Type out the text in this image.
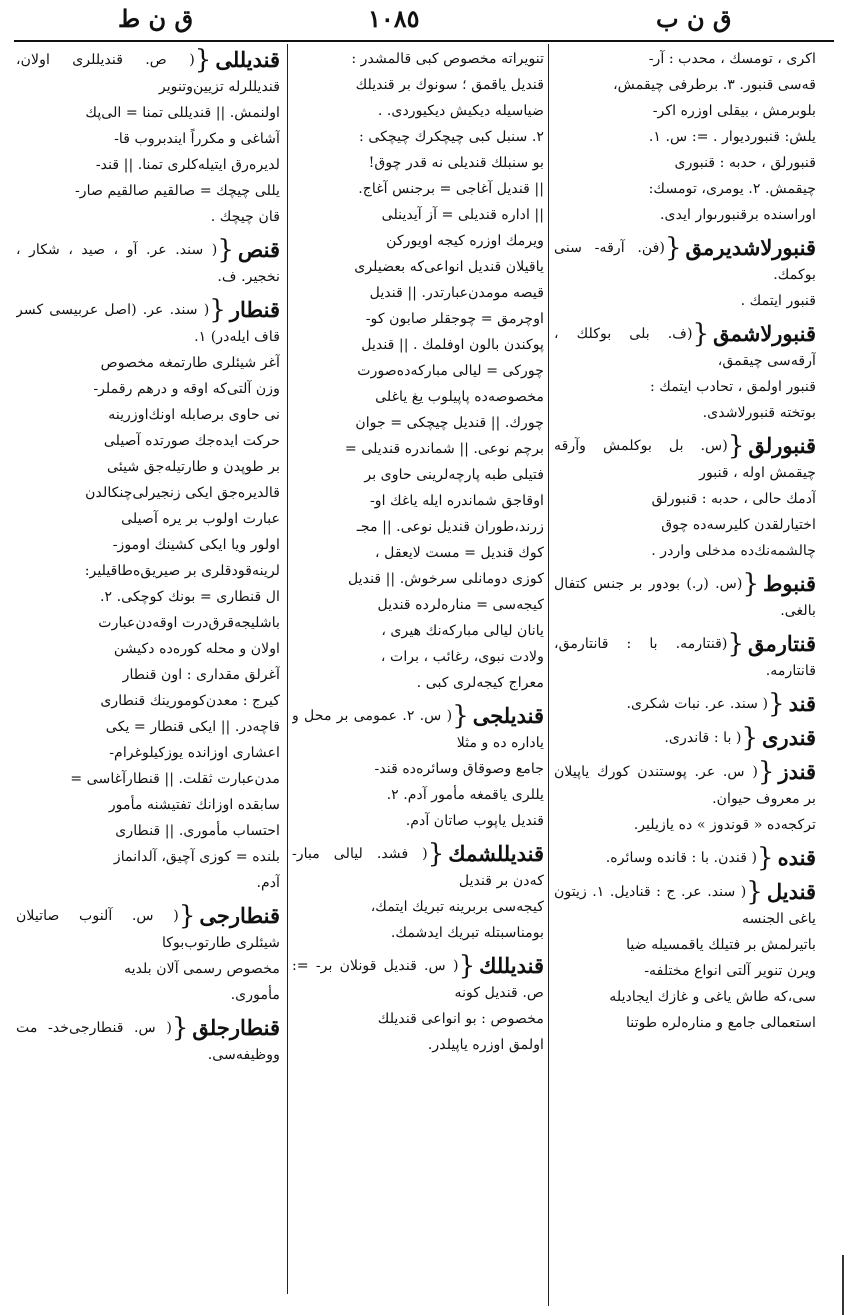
ق ن ط	١٠٨٥	ق ن ب

اكرى ، تومسك ، محدب : آر-

قەسى قنبور. ٣. برطرفى چيقمش،

بلوبرمش ، بيقلى اوزره اكر-

يلش: قنبورديوار . =: س. ١.

قنبورلق ، حدبه : قنبورى

چيقمش. ٢. يومرى، تومسك:

اوراسنده برقنبورىوار ايدى.

قنبورلاشديرمق{(فن. آرقه- سنى بوكمك.

قنبور ايتمك .

قنبورلاشمق{(ف. بلى بوكلك ، آرقه‌سى چيقمق،

قنبور اولمق ، تحادب ايتمك :

بوتخته قنبورلاشدى.

قنبورلق{(س. بل بوكلمش وآرقه چيقمش اوله ، قنبور

آدمك حالى ، حدبه : قنبورلق

اختيارلقدن كليرسه‌ده چوق

چالشمه‌نك‌ده مدخلى واردر .

قنبوط{(س. (ر.) بودور بر جنس كتفال بالغى.

قنتارمق{(قنتارمه. با : قانتارمق، قانتارمه.

قند{( سند. عر. نبات شكرى.

قندرى{( با : قاندرى.

قندز{( س. عر. پوستندن كورك ياپيلان بر معروف حيوان.

تركجه‌ده « قوندوز » ده يازيلير.

قنده{( قندن. با : قانده وسائره.

قنديل{( سند. عر. ج : قناديل. ١. زيتون ياغى الجنسه

باتيرلمش بر فتيلك ياقمسيله ضيا

ويرن تنوير آلتى انواع مختلفه-

سى،كه طاش ياغى و غازك ايجاديله

استعمالى جامع و مناره‌لره طوتنا

تنويراته مخصوص كبى قالمشدر :

قنديل ياقمق ؛ سونوك بر قنديلك

ضياسيله ديكيش ديكيوردى. .

٢. سنبل كبى چيچكرك چيچكى :

بو سنبلك قنديلى نه قدر چوق!

|| قنديل آغاجى = برجنس آغاج.

|| اداره قنديلى = آز آيدينلى

ويرمك اوزره كيجه اويوركن

ياقيلان قنديل انواعى‌كه بعضيلرى

قيصه مومدن‌عبارتدر. || قنديل

اوچرمق = چوجقلر صابون كو-

پوكندن بالون اوفلمك . || قنديل

چوركى = ليالى مباركه‌ده‌صورت

مخصوصه‌ده پاپيلوب يغ ياغلى

چورك. || قنديل چيچكى = جوان

برچم نوعى. || شماندره قنديلى =

فتيلى طبه پارچه‌لرينى حاوى بر

اوقاجق شماندره ايله ياغك او-

زرند،طوران قنديل نوعى. || مجـ

كوك قنديل = مست لايعقل ،

كوزى دومانلى سرخوش. || قنديل

كيجه‌سى = مناره‌لرده قنديل

يانان ليالى مباركه‌نك هيرى ،

ولادت نبوى، رغائب ، برات ،

معراج كيجه‌لرى كبى .

قنديلجى{( س. ٢. عمومى بر محل و ياداره ده و مثلا

جامع وصوقاق وسائره‌ده قند-

يللرى ياقمغه مأمور آدم. ٢.

قنديل ياپوب صاتان آدم.

قنديللشمك{( فشد. ليالى مبار- كه‌دن بر قنديل

كيجه‌سى بربرينه تبريك ايتمك،

بومناسبتله تبريك ايدشمك.

قنديللك{( س. قنديل قونلان بر- =: ص. قنديل كونه

مخصوص : بو انواعى قنديلك

اولمق اوزره ياپيلدر.

قنديللى{( ص. قنديللرى اولان، قنديللرله تزيين‌وتنوير

اولنمش. || قنديللى تمنا = الى‌پك

آشاغى و مكرراً ايندبروب قا-

لديره‌رق ايتيله‌كلرى تمنا. || قند-

يللى چيچك = صالقيم صالقيم صار-

قان چيچك .

قنص{( سند. عر. آو ، صيد ، شكار ، نخجير. ف.

قنطار{( سند. عر. (اصل عربيسى كسر قاف ايله‌در) ١.

آغر شيئلرى طارتمغه مخصوص

وزن آلتى‌كه اوقه و درهم رقملر-

نى حاوى برصابله اونك‌اوزرينه

حركت ايده‌جك صورتده آصيلى

بر طوپدن و طارتيله‌جق شيئى

قالديره‌جق ايكى زنجيرلى‌چنكالدن

عبارت اولوب بر يره آصيلى

اولور ويا ايكى كشينك اوموز-

لرينه‌قودقلرى بر صيريق‌ه‌طاقيلير:

ال قنطارى = بونك كوچكى. ٢.

باشليجه‌قرق‌درت اوقه‌دن‌عبارت

اولان و محله كوره‌ده دكيشن

آغرلق مقدارى : اون قنطار

كيرج : معدن‌كومورينك قنطارى

قاچه‌در. || ايكى قنطار = يكى

اعشارى اوزانده يوزكيلوغرام-

مدن‌عبارت ثقلت. || قنطار‌آغاسى =

سابقده اوزانك تفتيشنه مأمور

احتساب مأمورى. || قنطارى

بلنده = كوزى آچيق، آلدانماز

آدم.

قنطارجى{( س. آلنوب صاتيلان شيئلرى طارتوب‌بوكا

مخصوص رسمى آلان بلديه

مأمورى.

قنطارجلق{( س. قنطارجى‌خد- مت ووظيفه‌سى.
